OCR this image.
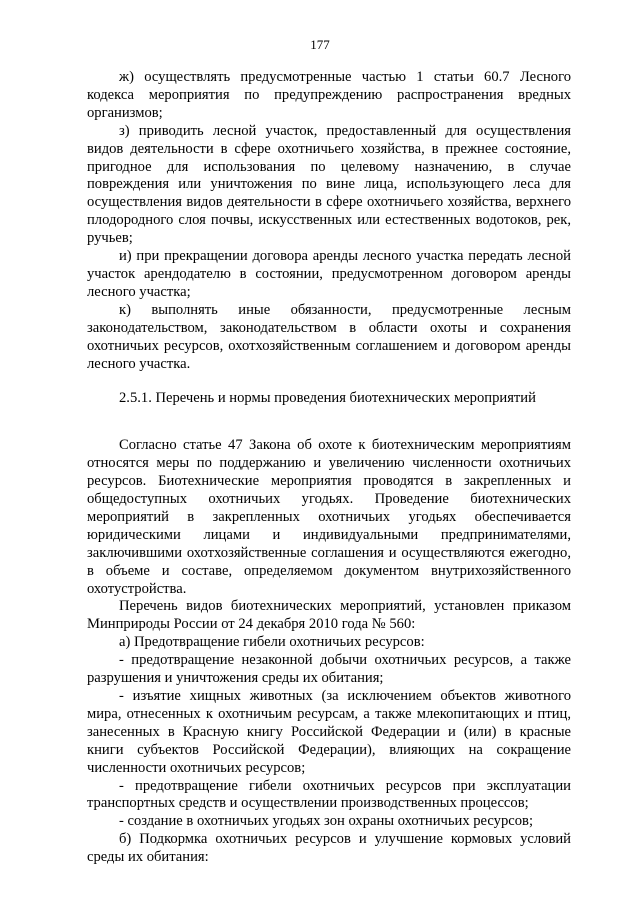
177

ж) осуществлять предусмотренные частью 1 статьи 60.7 Лесного кодекса мероприятия по предупреждению распространения вредных организмов;

з) приводить лесной участок, предоставленный для осуществления видов деятельности в сфере охотничьего хозяйства, в прежнее состояние, пригодное для использования по целевому назначению, в случае повреждения или уничтожения по вине лица, использующего леса для осуществления видов деятельности в сфере охотничьего хозяйства, верхнего плодородного слоя почвы, искусственных или естественных водотоков, рек, ручьев;

и) при прекращении договора аренды лесного участка передать лесной участок арендодателю в состоянии, предусмотренном договором аренды лесного участка;

к) выполнять иные обязанности, предусмотренные лесным законодательством, законодательством в области охоты и сохранения охотничьих ресурсов, охотхозяйственным соглашением и договором аренды лесного участка.

2.5.1. Перечень и нормы проведения биотехнических мероприятий

Согласно статье 47 Закона об охоте к биотехническим мероприятиям относятся меры по поддержанию и увеличению численности охотничьих ресурсов. Биотехнические мероприятия проводятся в закрепленных и общедоступных охотничьих угодьях. Проведение биотехнических мероприятий в закрепленных охотничьих угодьях обеспечивается юридическими лицами и индивидуальными предпринимателями, заключившими охотхозяйственные соглашения и осуществляются ежегодно, в объеме и составе, определяемом документом внутрихозяйственного охотустройства.

Перечень видов биотехнических мероприятий, установлен приказом Минприроды России от 24 декабря 2010 года № 560:

а) Предотвращение гибели охотничьих ресурсов:

- предотвращение незаконной добычи охотничьих ресурсов, а также разрушения и уничтожения среды их обитания;

- изъятие хищных животных (за исключением объектов животного мира, отнесенных к охотничьим ресурсам, а также млекопитающих и птиц, занесенных в Красную книгу Российской Федерации и (или) в красные книги субъектов Российской Федерации), влияющих на сокращение численности охотничьих ресурсов;

- предотвращение гибели охотничьих ресурсов при эксплуатации транспортных средств и осуществлении производственных процессов;

- создание в охотничьих угодьях зон охраны охотничьих ресурсов;

б) Подкормка охотничьих ресурсов и улучшение кормовых условий среды их обитания:
